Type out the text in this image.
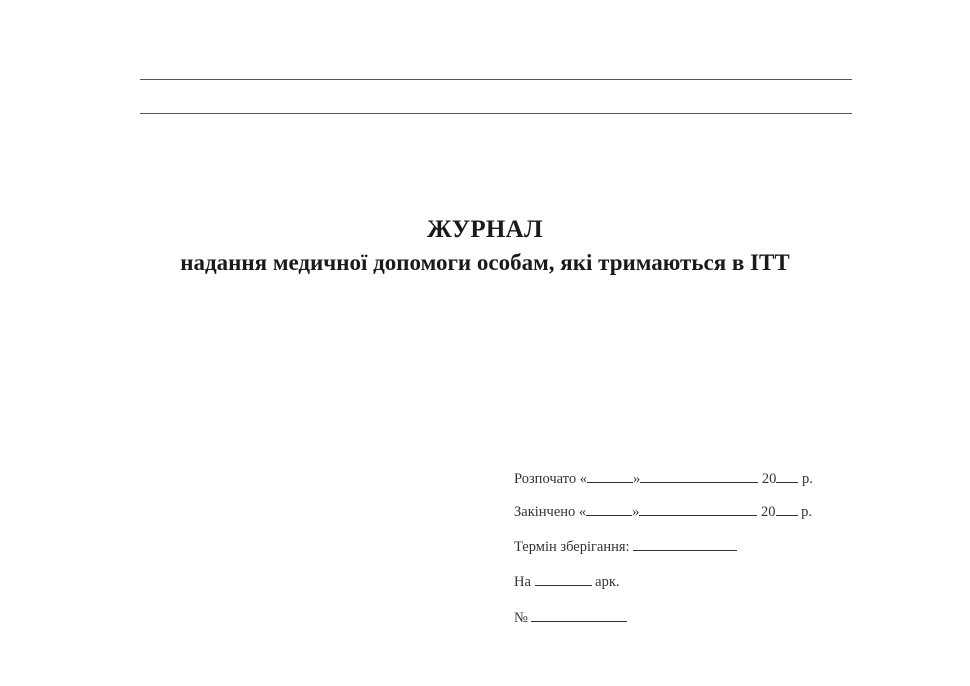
ЖУРНАЛ
надання медичної допомоги особам, які тримаються в ІТТ
Розпочато «	»	20 р.
Закінчено «	»	20 р.
Термін зберігання:
На	арк.
№
